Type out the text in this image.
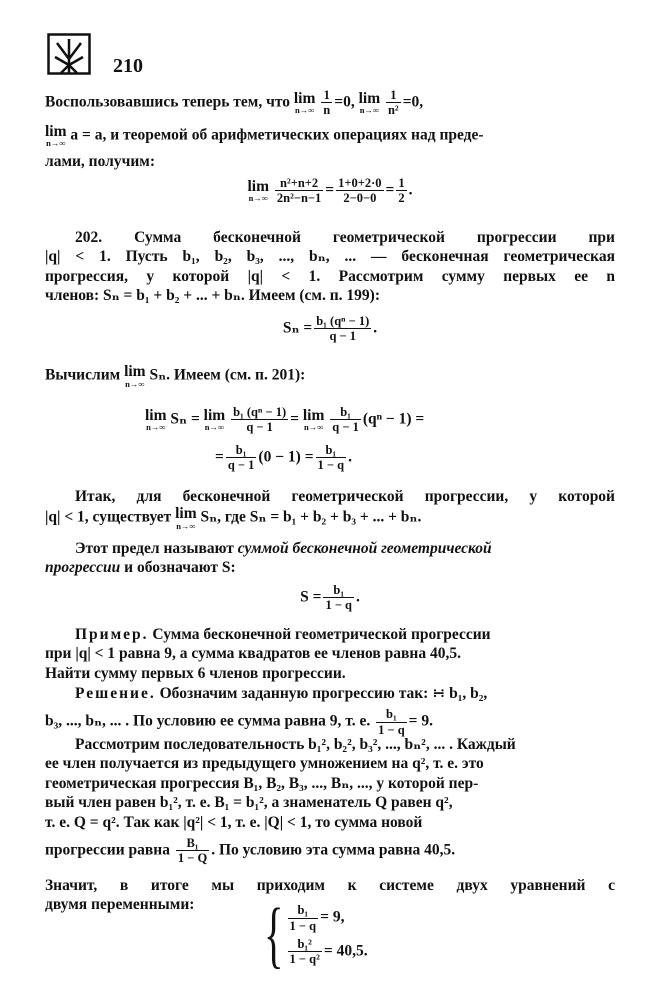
210
Воспользовавшись теперь тем, что lim
n→∞
$\frac{1}{n} =0$, lim
n→∞
$\frac{1}{\text{n²}} =0$,
lim
n→∞ a = a, и теоремой об арифметических операциях над преде-
лами, получим:
lim
n→∞
$\frac{\text{n²+n+2}}{\text{2n²−n−1}} = \frac{1+0+2\cdot 0}{2-0-0} = \frac{1}{2}$ .
202. Сумма бесконечной геометрической прогрессии при
|q| < 1. Пусть b₁, b₂, b₃, ..., bₙ, ... — бесконечная геометрическая
прогрессия, у которой |q| < 1. Рассмотрим сумму первых ее n
членов: Sₙ = b₁ + b₂ + ... + bₙ. Имеем (см. п. 199):
$S_n = \frac{\text{b₁ (qⁿ − 1)}}{q - 1}$ .
Вычислим lim
n→∞ Sₙ. Имеем (см. п. 201):
lim
n→∞ Sₙ = lim
n→∞
$\frac{\text{b₁ (qⁿ − 1)}}{q - 1} = \lim$
n→∞
$\frac{\text{b₁}}{q - 1} (q^n - 1)$ =
= $\frac{\text{b₁}}{q - 1} (0 - 1) = \frac{\text{b₁}}{1 - q}$ .
Итак, для бесконечной геометрической прогрессии, у которой
|q| < 1, существует lim
n→∞ Sₙ, где Sₙ = b₁ + b₂ + b₃ + ... + bₙ.
Этот предел называют суммой бесконечной геометрической
прогрессии и обозначают S:
$S = \frac{\text{b₁}}{1 - q}$ .
Пример. Сумма бесконечной геометрической прогрессии
при |q| < 1 равна 9, а сумма квадратов ее членов равна 40,5.
Найти сумму первых 6 членов прогрессии.
Решение. Обозначим заданную прогрессию так: ∺ b₁, b₂,
b₃, ..., bₙ, ... . По условию ее сумма равна 9, т. е. $\frac{\text{b₁}}{1 - q} = 9$.
Рассмотрим последовательность b₁², b₂², b₃², ..., bₙ², ... . Каждый
ее член получается из предыдущего умножением на q², т. е. это
геометрическая прогрессия B₁, B₂, B₃, ..., Bₙ, ..., у которой пер-
вый член равен b₁², т. е. B₁ = b₁², а знаменатель Q равен q²,
т. е. Q = q². Так как |q²| < 1, т. е. |Q| < 1, то сумма новой
прогрессии равна $\frac{\text{B₁}}{1 - Q}$ . По условию эта сумма равна 40,5.
Значит, в итоге мы приходим к системе двух уравнений с
двумя переменными: { $\frac{\text{b₁}}{1 - q} = 9$,
$\frac{\text{b₁²}}{\text{1 − q²}} = 40,5$.
